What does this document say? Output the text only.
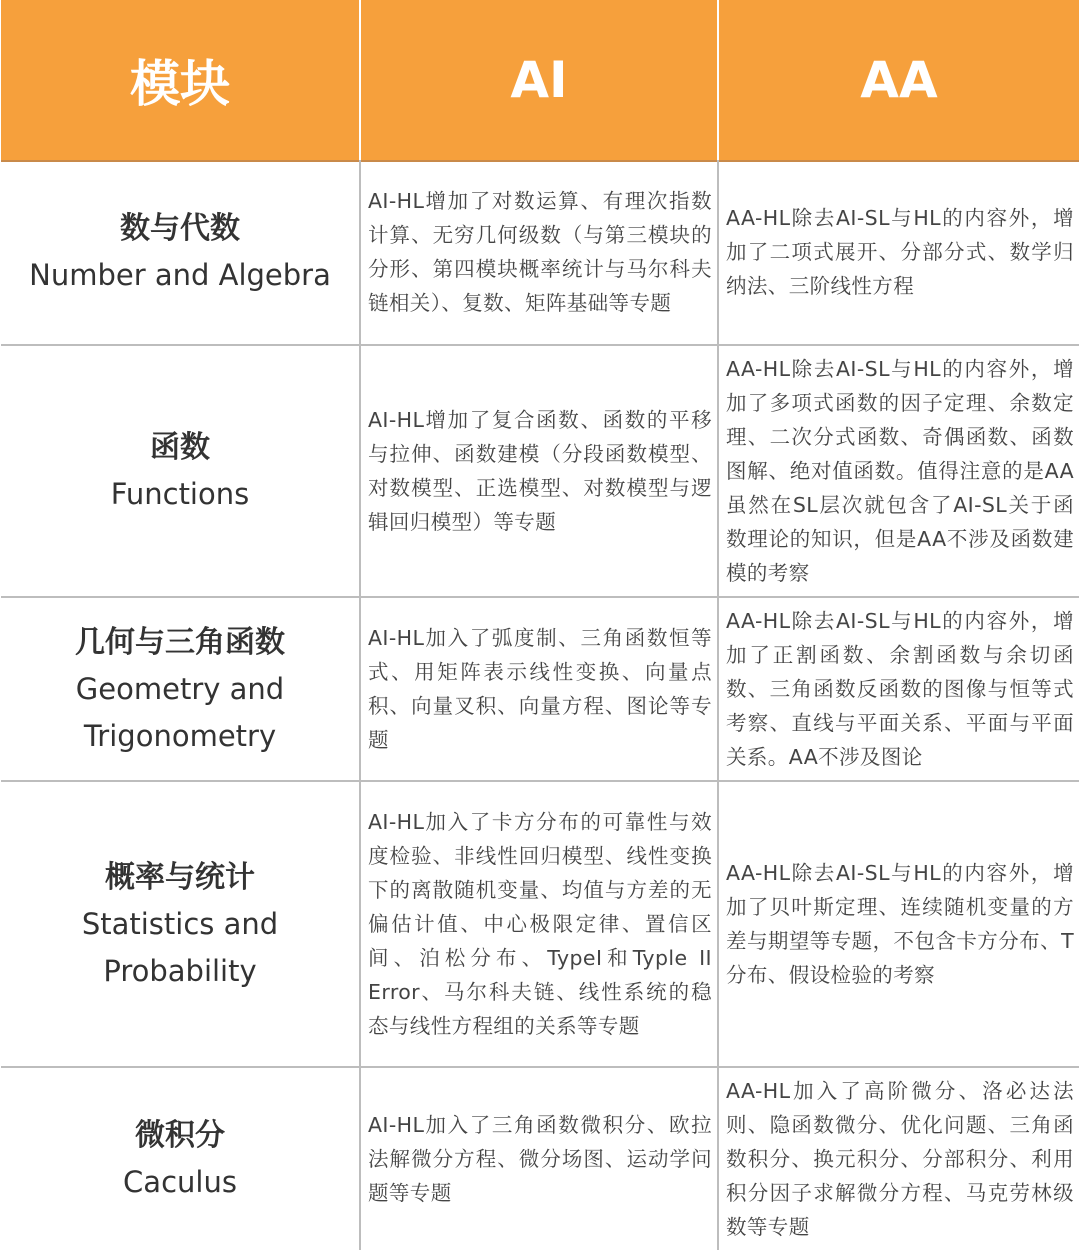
模块	AI	AA
数与代数
Number and Algebra
AI-HL增加了对数运算、有理次指数计算、无穷几何级数（与第三模块的分形、第四模块概率统计与马尔科夫链相关）、复数、矩阵基础等专题
AA-HL除去AI-SL与HL的内容外，增加了二项式展开、分部分式、数学归纳法、三阶线性方程
函数
Functions
AI-HL增加了复合函数、函数的平移与拉伸、函数建模（分段函数模型、对数模型、正选模型、对数模型与逻辑回归模型）等专题
AA-HL除去AI-SL与HL的内容外，增加了多项式函数的因子定理、余数定理、二次分式函数、奇偶函数、函数图解、绝对值函数。值得注意的是AA虽然在SL层次就包含了AI-SL关于函数理论的知识，但是AA不涉及函数建模的考察
几何与三角函数
Geometry and Trigonometry
AI-HL加入了弧度制、三角函数恒等式、用矩阵表示线性变换、向量点积、向量叉积、向量方程、图论等专题
AA-HL除去AI-SL与HL的内容外，增加了正割函数、余割函数与余切函数、三角函数反函数的图像与恒等式考察、直线与平面关系、平面与平面关系。AA不涉及图论
概率与统计
Statistics and Probability
AI-HL加入了卡方分布的可靠性与效度检验、非线性回归模型、线性变换下的离散随机变量、均值与方差的无偏估计值、中心极限定律、置信区间、泊松分布、TypeI和Typle II Error、马尔科夫链、线性系统的稳态与线性方程组的关系等专题
AA-HL除去AI-SL与HL的内容外，增加了贝叶斯定理、连续随机变量的方差与期望等专题，不包含卡方分布、T分布、假设检验的考察
微积分
Caculus
AI-HL加入了三角函数微积分、欧拉法解微分方程、微分场图、运动学问题等专题
AA-HL加入了高阶微分、洛必达法则、隐函数微分、优化问题、三角函数积分、换元积分、分部积分、利用积分因子求解微分方程、马克劳林级数等专题
